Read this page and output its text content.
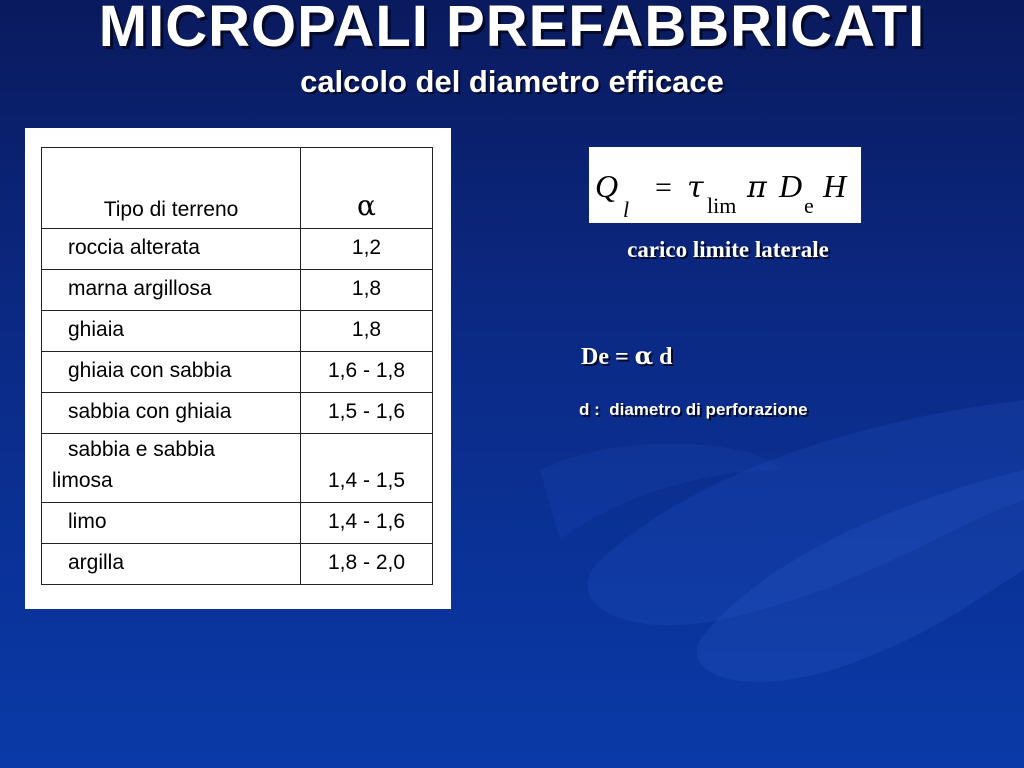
MICROPALI PREFABBRICATI
calcolo del diametro efficace
Tipo di terreno	α
roccia alterata	1,2
marna argillosa	1,8
ghiaia	1,8
ghiaia con sabbia	1,6 - 1,8
sabbia con ghiaia	1,5 - 1,6

sabbia e sabbia
limosa	1,4 - 1,5
limo	1,4 - 1,6
argilla	1,8 - 2,0
Q
l
= τ
lim
π D
e
H
carico limite laterale
De = α d
d :  diametro di perforazione
